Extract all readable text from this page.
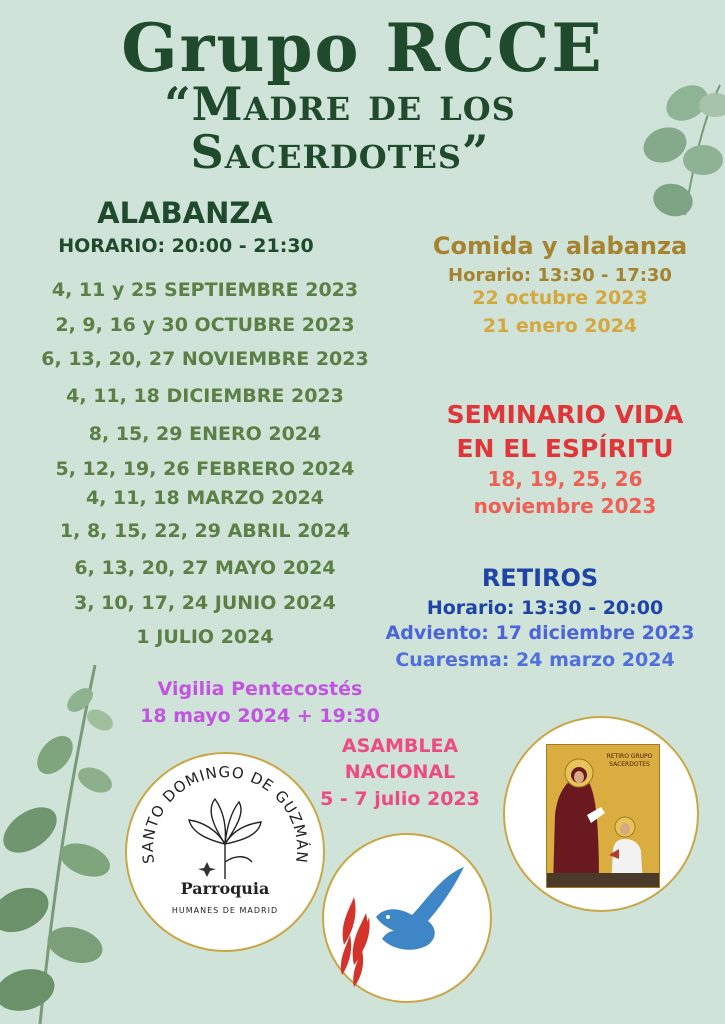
Grupo RCCE
“Madre de los
Sacerdotes”
ALABANZA
HORARIO: 20:00 - 21:30
4, 11 y 25 SEPTIEMBRE 2023
2, 9, 16 y 30 OCTUBRE 2023
6, 13, 20, 27 NOVIEMBRE 2023
4, 11, 18 DICIEMBRE 2023
8, 15, 29 ENERO 2024
5, 12, 19, 26 FEBRERO 2024
4, 11, 18 MARZO 2024
1, 8, 15, 22, 29 ABRIL 2024
6, 13, 20, 27 MAYO 2024
3, 10, 17, 24 JUNIO 2024
1 JULIO 2024
Comida y alabanza
Horario: 13:30 - 17:30
22 octubre 2023
21 enero 2024
SEMINARIO VIDA
EN EL ESPÍRITU
18, 19, 25, 26
noviembre 2023
RETIROS
Horario: 13:30 - 20:00
Adviento: 17 diciembre 2023
Cuaresma: 24 marzo 2024
Vigilia Pentecostés
18 mayo 2024 + 19:30
ASAMBLEA
NACIONAL
5 - 7 julio 2023
SANTO DOMINGO DE GUZMÁN
Parroquia
HUMANES DE MADRID
RETIRO GRUPO
SACERDOTES
